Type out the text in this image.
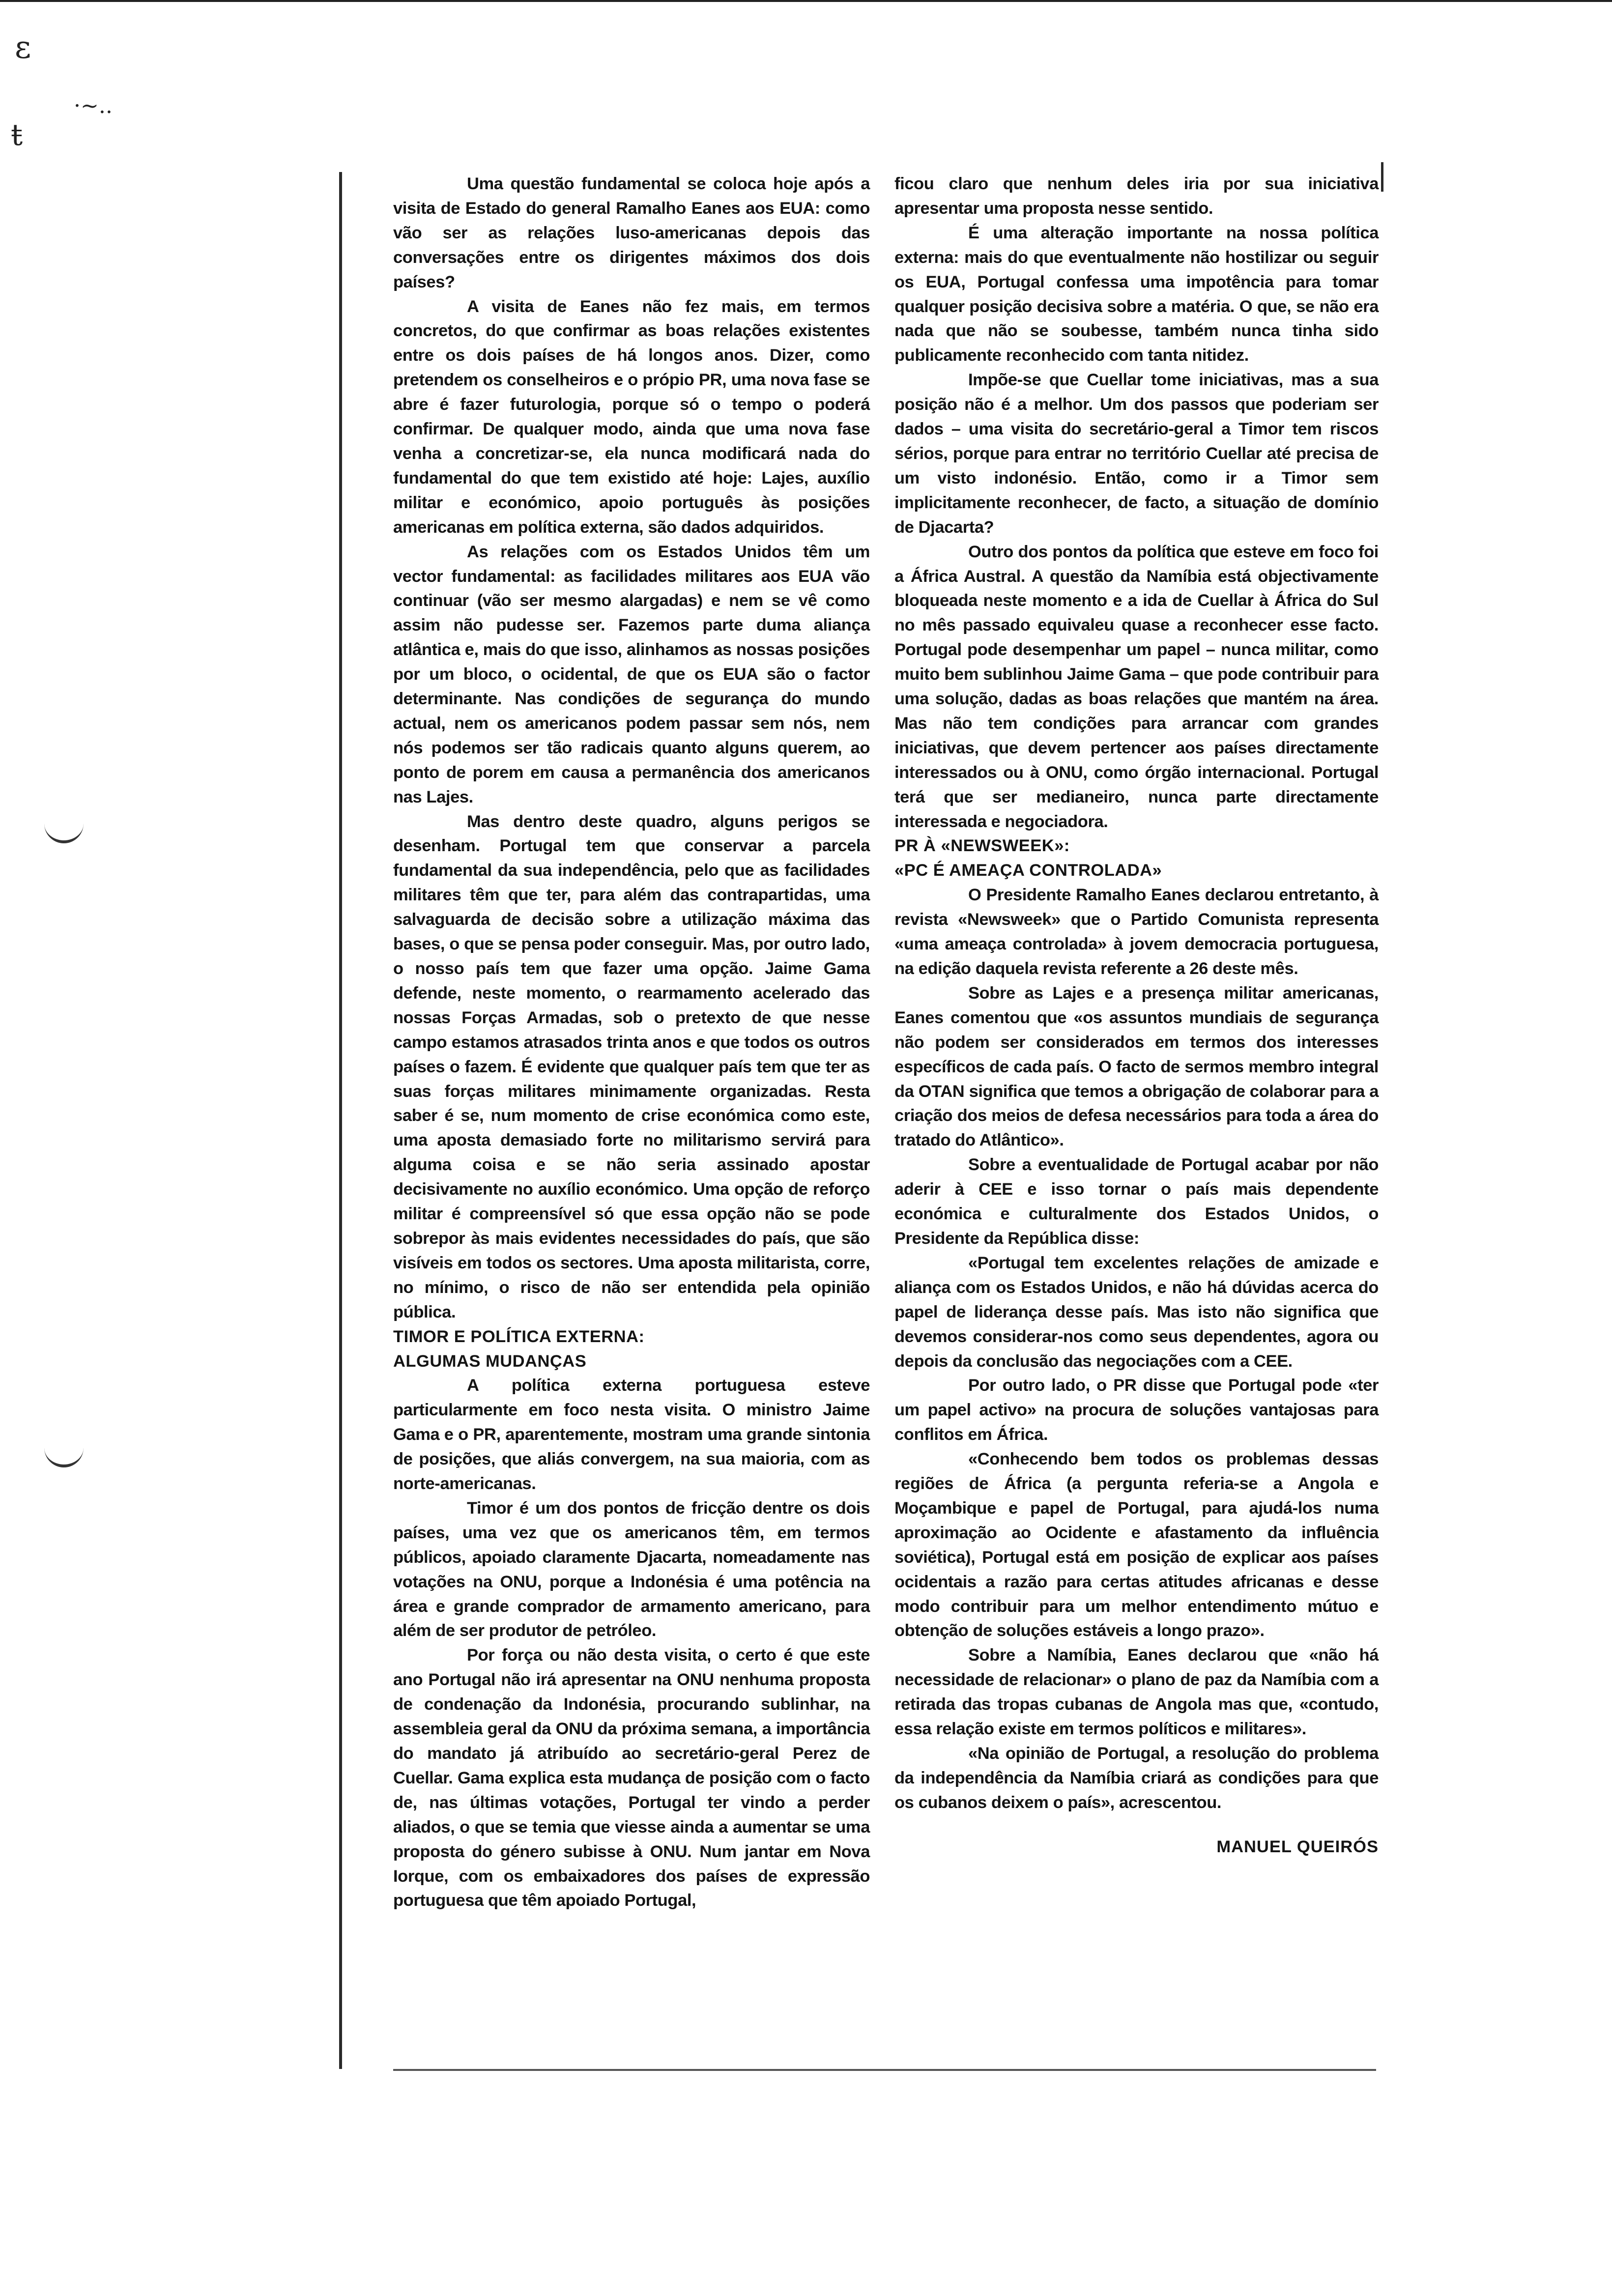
ε
ŧ
·~..

Uma questão fundamental se coloca hoje após a visita de Estado do general Ramalho Eanes aos EUA: como vão ser as relações luso-americanas depois das conversações entre os dirigentes máximos dos dois países?

A visita de Eanes não fez mais, em termos concretos, do que confirmar as boas relações existentes entre os dois países de há longos anos. Dizer, como pretendem os conselheiros e o própio PR, uma nova fase se abre é fazer futurologia, porque só o tempo o poderá confirmar. De qualquer modo, ainda que uma nova fase venha a concretizar-se, ela nunca modificará nada do fundamental do que tem existido até hoje: Lajes, auxílio militar e económico, apoio português às posições americanas em política externa, são dados adquiridos.

As relações com os Estados Unidos têm um vector fundamental: as facilidades militares aos EUA vão continuar (vão ser mesmo alargadas) e nem se vê como assim não pudesse ser. Fazemos parte duma aliança atlântica e, mais do que isso, alinhamos as nossas posições por um bloco, o ocidental, de que os EUA são o factor determinante. Nas condições de segurança do mundo actual, nem os americanos podem passar sem nós, nem nós podemos ser tão radicais quanto alguns querem, ao ponto de porem em causa a permanência dos americanos nas Lajes.

Mas dentro deste quadro, alguns perigos se desenham. Portugal tem que conservar a parcela fundamental da sua independência, pelo que as facilidades militares têm que ter, para além das contrapartidas, uma salvaguarda de decisão sobre a utilização máxima das bases, o que se pensa poder conseguir. Mas, por outro lado, o nosso país tem que fazer uma opção. Jaime Gama defende, neste momento, o rearmamento acelerado das nossas Forças Armadas, sob o pretexto de que nesse campo estamos atrasados trinta anos e que todos os outros países o fazem. É evidente que qualquer país tem que ter as suas forças militares minimamente organizadas. Resta saber é se, num momento de crise económica como este, uma aposta demasiado forte no militarismo servirá para alguma coisa e se não seria assinado apostar decisivamente no auxílio económico. Uma opção de reforço militar é compreensível só que essa opção não se pode sobrepor às mais evidentes necessidades do país, que são visíveis em todos os sectores. Uma aposta militarista, corre, no mínimo, o risco de não ser entendida pela opinião pública.

TIMOR E POLÍTICA EXTERNA:

ALGUMAS MUDANÇAS

A política externa portuguesa esteve particularmente em foco nesta visita. O ministro Jaime Gama e o PR, aparentemente, mostram uma grande sintonia de posições, que aliás convergem, na sua maioria, com as norte-americanas.

Timor é um dos pontos de fricção dentre os dois países, uma vez que os americanos têm, em termos públicos, apoiado claramente Djacarta, nomeadamente nas votações na ONU, porque a Indonésia é uma potência na área e grande comprador de armamento americano, para além de ser produtor de petróleo.

Por força ou não desta visita, o certo é que este ano Portugal não irá apresentar na ONU nenhuma proposta de condenação da Indonésia, procurando sublinhar, na assembleia geral da ONU da próxima semana, a importância do mandato já atribuído ao secretário-geral Perez de Cuellar. Gama explica esta mudança de posição com o facto de, nas últimas votações, Portugal ter vindo a perder aliados, o que se temia que viesse ainda a aumentar se uma proposta do género subisse à ONU. Num jantar em Nova Iorque, com os embaixadores dos países de expressão portuguesa que têm apoiado Portugal,

ficou claro que nenhum deles iria por sua iniciativa apresentar uma proposta nesse sentido.

É uma alteração importante na nossa política externa: mais do que eventualmente não hostilizar ou seguir os EUA, Portugal confessa uma impotência para tomar qualquer posição decisiva sobre a matéria. O que, se não era nada que não se soubesse, também nunca tinha sido publicamente reconhecido com tanta nitidez.

Impõe-se que Cuellar tome iniciativas, mas a sua posição não é a melhor. Um dos passos que poderiam ser dados – uma visita do secretário-geral a Timor tem riscos sérios, porque para entrar no território Cuellar até precisa de um visto indonésio. Então, como ir a Timor sem implicitamente reconhecer, de facto, a situação de domínio de Djacarta?

Outro dos pontos da política que esteve em foco foi a África Austral. A questão da Namíbia está objectivamente bloqueada neste momento e a ida de Cuellar à África do Sul no mês passado equivaleu quase a reconhecer esse facto. Portugal pode desempenhar um papel – nunca militar, como muito bem sublinhou Jaime Gama – que pode contribuir para uma solução, dadas as boas relações que mantém na área. Mas não tem condições para arrancar com grandes iniciativas, que devem pertencer aos países directamente interessados ou à ONU, como órgão internacional. Portugal terá que ser medianeiro, nunca parte directamente interessada e negociadora.

PR À «NEWSWEEK»:

«PC É AMEAÇA CONTROLADA»

O Presidente Ramalho Eanes declarou entretanto, à revista «Newsweek» que o Partido Comunista representa «uma ameaça controlada» à jovem democracia portuguesa, na edição daquela revista referente a 26 deste mês.

Sobre as Lajes e a presença militar americanas, Eanes comentou que «os assuntos mundiais de segurança não podem ser considerados em termos dos interesses específicos de cada país. O facto de sermos membro integral da OTAN significa que temos a obrigação de colaborar para a criação dos meios de defesa necessários para toda a área do tratado do Atlântico».

Sobre a eventualidade de Portugal acabar por não aderir à CEE e isso tornar o país mais dependente económica e culturalmente dos Estados Unidos, o Presidente da República disse:

«Portugal tem excelentes relações de amizade e aliança com os Estados Unidos, e não há dúvidas acerca do papel de liderança desse país. Mas isto não significa que devemos considerar-nos como seus dependentes, agora ou depois da conclusão das negociações com a CEE.

Por outro lado, o PR disse que Portugal pode «ter um papel activo» na procura de soluções vantajosas para conflitos em África.

«Conhecendo bem todos os problemas dessas regiões de África (a pergunta referia-se a Angola e Moçambique e papel de Portugal, para ajudá-los numa aproximação ao Ocidente e afastamento da influência soviética), Portugal está em posição de explicar aos países ocidentais a razão para certas atitudes africanas e desse modo contribuir para um melhor entendimento mútuo e obtenção de soluções estáveis a longo prazo».

Sobre a Namíbia, Eanes declarou que «não há necessidade de relacionar» o plano de paz da Namíbia com a retirada das tropas cubanas de Angola mas que, «contudo, essa relação existe em termos políticos e militares».

«Na opinião de Portugal, a resolução do problema da independência da Namíbia criará as condições para que os cubanos deixem o país», acrescentou.

MANUEL QUEIRÓS
